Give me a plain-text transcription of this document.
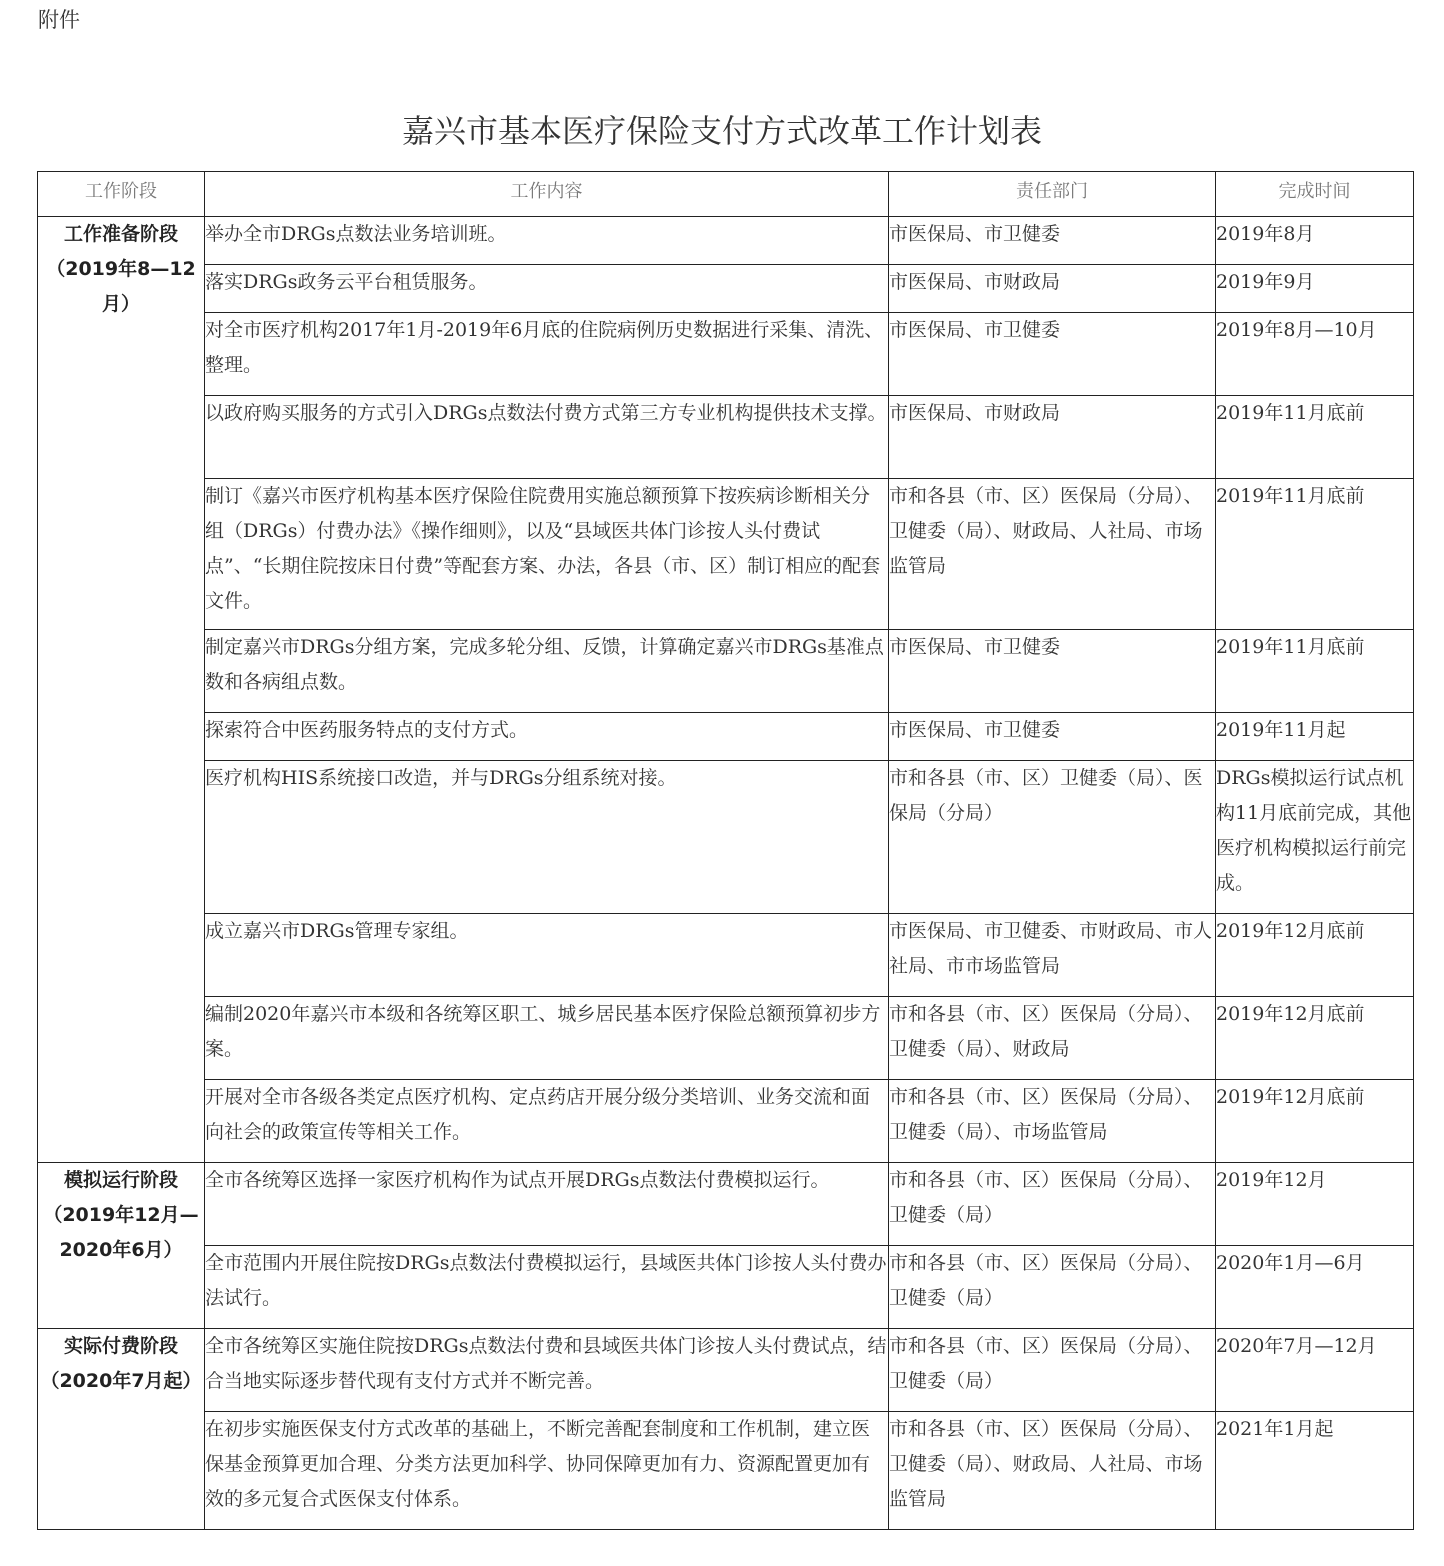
附件
嘉兴市基本医疗保险支付方式改革工作计划表
工作阶段	工作内容	责任部门	完成时间

工作准备阶段
（2019年8—12月）	举办全市DRGs点数法业务培训班。	市医保局、市卫健委	2019年8月
	落实DRGs政务云平台租赁服务。	市医保局、市财政局	2019年9月
	对全市医疗机构2017年1月-2019年6月底的住院病例历史数据进行采集、清洗、整理。	市医保局、市卫健委	2019年8月—10月
	以政府购买服务的方式引入DRGs点数法付费方式第三方专业机构提供技术支撑。	市医保局、市财政局	2019年11月底前
	制订《嘉兴市医疗机构基本医疗保险住院费用实施总额预算下按疾病诊断相关分组（DRGs）付费办法》《操作细则》，以及“县域医共体门诊按人头付费试点”、“长期住院按床日付费”等配套方案、办法，各县（市、区）制订相应的配套文件。	市和各县（市、区）医保局（分局）、卫健委（局）、财政局、人社局、市场监管局	2019年11月底前
	制定嘉兴市DRGs分组方案，完成多轮分组、反馈，计算确定嘉兴市DRGs基准点数和各病组点数。	市医保局、市卫健委	2019年11月底前
	探索符合中医药服务特点的支付方式。	市医保局、市卫健委	2019年11月起
	医疗机构HIS系统接口改造，并与DRGs分组系统对接。	市和各县（市、区）卫健委（局）、医保局（分局）	DRGs模拟运行试点机构11月底前完成，其他医疗机构模拟运行前完成。
	成立嘉兴市DRGs管理专家组。	市医保局、市卫健委、市财政局、市人社局、市市场监管局	2019年12月底前
	编制2020年嘉兴市本级和各统筹区职工、城乡居民基本医疗保险总额预算初步方案。	市和各县（市、区）医保局（分局）、卫健委（局）、财政局	2019年12月底前
	开展对全市各级各类定点医疗机构、定点药店开展分级分类培训、业务交流和面向社会的政策宣传等相关工作。	市和各县（市、区）医保局（分局）、卫健委（局）、市场监管局	2019年12月底前

模拟运行阶段
（2019年12月—2020年6月）	全市各统筹区选择一家医疗机构作为试点开展DRGs点数法付费模拟运行。	市和各县（市、区）医保局（分局）、卫健委（局）	2019年12月
	全市范围内开展住院按DRGs点数法付费模拟运行，县域医共体门诊按人头付费办法试行。	市和各县（市、区）医保局（分局）、卫健委（局）	2020年1月—6月

实际付费阶段
（2020年7月起）	全市各统筹区实施住院按DRGs点数法付费和县域医共体门诊按人头付费试点，结合当地实际逐步替代现有支付方式并不断完善。	市和各县（市、区）医保局（分局）、卫健委（局）	2020年7月—12月
	在初步实施医保支付方式改革的基础上，不断完善配套制度和工作机制，建立医保基金预算更加合理、分类方法更加科学、协同保障更加有力、资源配置更加有效的多元复合式医保支付体系。	市和各县（市、区）医保局（分局）、卫健委（局）、财政局、人社局、市场监管局	2021年1月起
